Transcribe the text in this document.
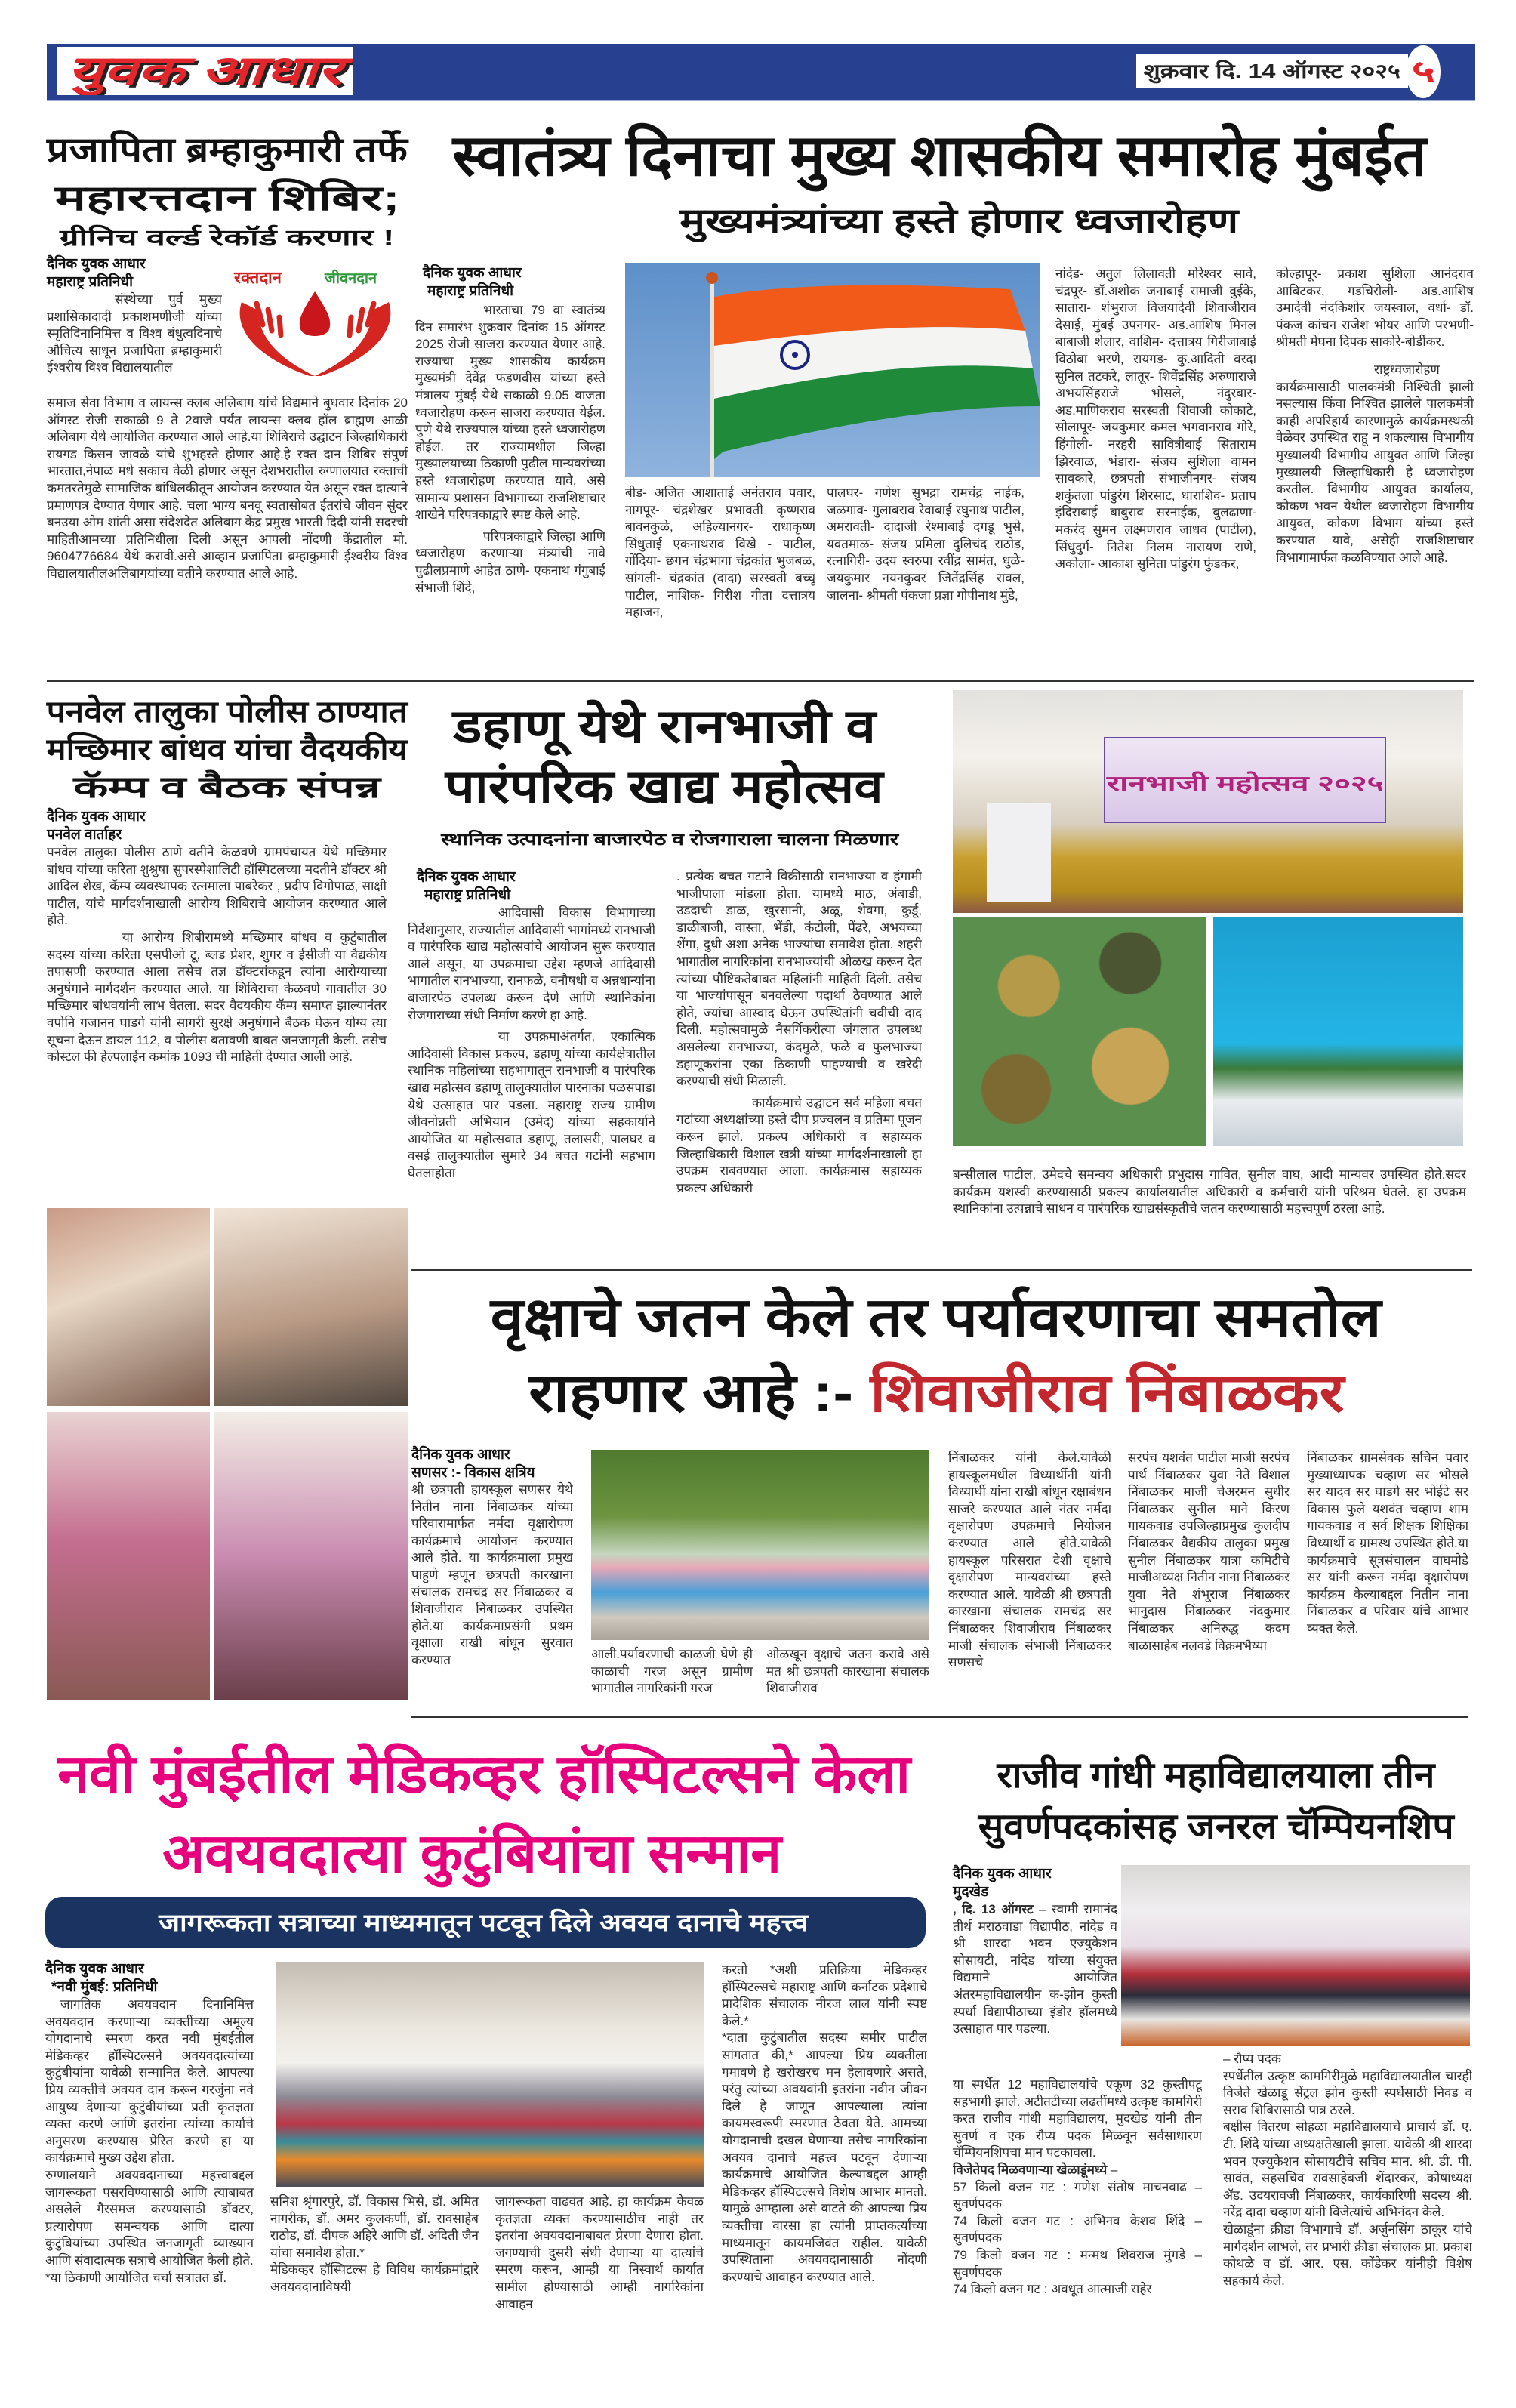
युवक आधार	शुक्रवार दि. 14 ऑगस्ट २०२५ ५
प्रजापिता ब्रम्हाकुमारी तर्फे
महारत्तदान शिबिर;
ग्रीनिच वर्ल्ड रेकॉर्ड करणार !
दैनिक युवक आधार
महाराष्ट्र प्रतिनिधी	रक्तदान	जीवनदान

संस्थेच्या पुर्व मुख्य प्रशासिकादादी प्रकाशमणीजी यांच्या स्मृतिदिनानिमित्त व विश्व बंधुत्वदिनाचे औचित्य साधून प्रजापिता ब्रम्हाकुमारी ईश्वरीय विश्व विद्यालयातील

समाज सेवा विभाग व लायन्स क्लब अलिबाग यांचे विद्यमाने बुधवार दिनांक 20 ऑगस्ट रोजी सकाळी 9 ते 2वाजे पर्यंत लायन्स क्लब हॉल ब्राह्मण आळी अलिबाग येथे आयोजित करण्यात आले आहे.या शिबिराचे उद्घाटन जिल्हाधिकारी रायगड किसन जावळे यांचे शुभहस्ते होणार आहे.हे रक्त दान शिबिर संपुर्ण भारतात,नेपाळ मधे सकाच वेळी होणार असून देशभरातील रुग्णालयात रक्ताची कमतरतेमुळे सामाजिक बांधिलकीतून आयोजन करण्यात येत असून रक्त दात्याने प्रमाणपत्र देण्यात येणार आहे. चला भाग्य बनवू स्वतासोबत ईतरांचे जीवन सुंदर बनउया ओम शांती असा संदेशदेत अलिबाग केंद्र प्रमुख भारती दिदी यांनी सदरची माहितीआमच्या प्रतिनिधीला दिली असून आपली नोंदणी केंद्रातील मो. 9604776684 येथे करावी.असे आव्हान प्रजापिता ब्रम्हाकुमारी ईश्वरीय विश्व विद्यालयातीलअलिबागयांच्या वतीने करण्यात आले आहे.

स्वातंत्र्य दिनाचा मुख्य शासकीय समारोह मुंबईत
मुख्यमंत्र्यांच्या हस्ते होणार ध्वजारोहण
दैनिक युवक आधार
महाराष्ट्र प्रतिनिधी

भारताचा 79 वा स्वातंत्र्य दिन समारंभ शुक्रवार दिनांक 15 ऑगस्ट 2025 रोजी साजरा करण्यात येणार आहे. राज्याचा मुख्य शासकीय कार्यक्रम मुख्यमंत्री देवेंद्र फडणवीस यांच्या हस्ते मंत्रालय मुंबई येथे सकाळी 9.05 वाजता ध्वजारोहण करून साजरा करण्यात येईल. पुणे येथे राज्यपाल यांच्या हस्ते ध्वजारोहण होईल. तर राज्यामधील जिल्हा मुख्यालयाच्या ठिकाणी पुढील मान्यवरांच्या हस्ते ध्वजारोहण करण्यात यावे, असे सामान्य प्रशासन विभागाच्या राजशिष्टाचार शाखेने परिपत्रकाद्वारे स्पष्ट केले आहे.

परिपत्रकाद्वारे जिल्हा आणि ध्वजारोहण करणाऱ्या मंत्र्यांची नावे पुढीलप्रमाणे आहेत ठाणे- एकनाथ गंगुबाई संभाजी शिंदे,

बीड- अजित आशाताई अनंतराव पवार, नागपूर- चंद्रशेखर प्रभावती कृष्णराव बावनकुळे, अहिल्यानगर- राधाकृष्ण सिंधुताई एकनाथराव विखे - पाटील, गोंदिया- छगन चंद्रभागा चंद्रकांत भुजबळ, सांगली- चंद्रकांत (दादा) सरस्वती बच्चू पाटील, नाशिक- गिरीश गीता दत्तात्रय महाजन,

पालघर- गणेश सुभद्रा रामचंद्र नाईक, जळगाव- गुलाबराव रेवाबाई रघुनाथ पाटील, अमरावती- दादाजी रेश्माबाई दगडू भुसे, यवतमाळ- संजय प्रमिला दुलिचंद राठोड, रत्नागिरी- उदय स्वरुपा रवींद्र सामंत, धुळे- जयकुमार नयनकुवर जितेंद्रसिंह रावल, जालना- श्रीमती पंकजा प्रज्ञा गोपीनाथ मुंडे,

नांदेड- अतुल लिलावती मोरेश्वर सावे, चंद्रपूर- डॉ.अशोक जनाबाई रामाजी वुईके, सातारा- शंभुराज विजयादेवी शिवाजीराव देसाई, मुंबई उपनगर- अड.आशिष मिनल बाबाजी शेलार, वाशिम- दत्तात्रय गिरीजाबाई विठोबा भरणे, रायगड- कु.आदिती वरदा सुनिल तटकरे, लातूर- शिवेंद्रसिंह अरुणाराजे अभयसिंहराजे भोसले, नंदुरबार- अड.माणिकराव सरस्वती शिवाजी कोकाटे, सोलापूर- जयकुमार कमल भगवानराव गोरे, हिंगोली- नरहरी सावित्रीबाई सिताराम झिरवाळ, भंडारा- संजय सुशिला वामन सावकारे, छत्रपती संभाजीनगर- संजय शकुंतला पांडुरंग शिरसाट, धाराशिव- प्रताप इंदिराबाई बाबुराव सरनाईक, बुलढाणा- मकरंद सुमन लक्ष्मणराव जाधव (पाटील), सिंधुदुर्ग- नितेश निलम नारायण राणे, अकोला- आकाश सुनिता पांडुरंग फुंडकर,

कोल्हापूर- प्रकाश सुशिला आनंदराव आबिटकर, गडचिरोली- अड.आशिष उमादेवी नंदकिशोर जयस्वाल, वर्धा- डॉ. पंकज कांचन राजेश भोयर आणि परभणी- श्रीमती मेघना दिपक साकोरे-बोर्डीकर.

राष्ट्रध्वजारोहण कार्यक्रमासाठी पालकमंत्री निश्चिती झाली नसल्यास किंवा निश्चित झालेले पालकमंत्री काही अपरिहार्य कारणामुळे कार्यक्रमस्थळी वेळेवर उपस्थित राहू न शकल्यास विभागीय मुख्यालयी विभागीय आयुक्त आणि जिल्हा मुख्यालयी जिल्हाधिकारी हे ध्वजारोहण करतील. विभागीय आयुक्त कार्यालय, कोकण भवन येथील ध्वजारोहण विभागीय आयुक्त, कोकण विभाग यांच्या हस्ते करण्यात यावे, असेही राजशिष्टाचार विभागामार्फत कळविण्यात आले आहे.

पनवेल तालुका पोलीस ठाण्यात
मच्छिमार बांधव यांचा वैदयकीय
कॅम्प व बैठक संपन्न
दैनिक युवक आधार
पनवेल वार्ताहर

पनवेल तालुका पोलीस ठाणे वतीने केळवणे ग्रामपंचायत येथे मच्छिमार बांधव यांच्या करिता शुश्रुषा सुपरस्पेशालिटी हॉस्पिटलच्या मदतीने डॉक्टर श्री आदिल शेख, कॅम्प व्यवस्थापक रत्नमाला पाबरेकर , प्रदीप विगोपाळ, साक्षी पाटील, यांचे मार्गदर्शनाखाली आरोग्य शिबिराचे आयोजन करण्यात आले होते.

या आरोग्य शिबीरामध्ये मच्छिमार बांधव व कुटुंबातील सदस्य यांच्या करिता एसपीओ टू, ब्लड प्रेशर, शुगर व ईसीजी या वैद्यकीय तपासणी करण्यात आला तसेच तज्ञ डॉक्टरांकडून त्यांना आरोग्याच्या अनुषंगाने मार्गदर्शन करण्यात आले. या शिबिराचा केळवणे गावातील 30 मच्छिमार बांधवयांनी लाभ घेतला. सदर वैदयकीय कॅम्प समाप्त झाल्यानंतर वपोनि गजानन घाडगे यांनी सागरी सुरक्षे अनुषंगाने बैठक घेऊन योग्य त्या सूचना देऊन डायल 112, व पोलीस बतावणी बाबत जनजागृती केली. तसेच कोस्टल फी हेल्पलाईन कमांक 1093 ची माहिती देण्यात आली आहे.

डहाणू येथे रानभाजी व
पारंपरिक खाद्य महोत्सव
स्थानिक उत्पादनांना बाजारपेठ व रोजगाराला चालना मिळणार
दैनिक युवक आधार
महाराष्ट्र प्रतिनिधी

आदिवासी विकास विभागाच्या निर्देशानुसार, राज्यातील आदिवासी भागांमध्ये रानभाजी व पारंपरिक खाद्य महोत्सवांचे आयोजन सुरू करण्यात आले असून, या उपक्रमाचा उद्देश म्हणजे आदिवासी भागातील रानभाज्या, रानफळे, वनौषधी व अन्नधान्यांना बाजारपेठ उपलब्ध करून देणे आणि स्थानिकांना रोजगाराच्या संधी निर्माण करणे हा आहे.

या उपक्रमाअंतर्गत, एकात्मिक आदिवासी विकास प्रकल्प, डहाणू यांच्या कार्यक्षेत्रातील स्थानिक महिलांच्या सहभागातून रानभाजी व पारंपरिक खाद्य महोत्सव डहाणू तालुक्यातील पारनाका पळसपाडा येथे उत्साहात पार पडला. महाराष्ट्र राज्य ग्रामीण जीवनोन्नती अभियान (उमेद) यांच्या सहकार्याने आयोजित या महोत्सवात डहाणू, तलासरी, पालघर व वसई तालुक्यातील सुमारे 34 बचत गटांनी सहभाग घेतलाहोता

. प्रत्येक बचत गटाने विक्रीसाठी रानभाज्या व हंगामी भाजीपाला मांडला होता. यामध्ये माठ, अंबाडी, उडदाची डाळ, खुरसानी, अळू, शेवगा, कुर्डू, डाळीबाजी, वास्ता, भेंडी, कंटोली, पेंढरे, अभयच्या शेंगा, दुधी अशा अनेक भाज्यांचा समावेश होता. शहरी भागातील नागरिकांना रानभाज्यांची ओळख करून देत त्यांच्या पौष्टिकतेबाबत महिलांनी माहिती दिली. तसेच या भाज्यांपासून बनवलेल्या पदार्था ठेवण्यात आले होते, ज्यांचा आस्वाद घेऊन उपस्थितांनी चवीची दाद दिली. महोत्सवामुळे नैसर्गिकरीत्या जंगलात उपलब्ध असलेल्या रानभाज्या, कंदमुळे, फळे व फुलभाज्या डहाणूकरांना एका ठिकाणी पाहण्याची व खरेदी करण्याची संधी मिळाली.

कार्यक्रमाचे उद्घाटन सर्व महिला बचत गटांच्या अध्यक्षांच्या हस्ते दीप प्रज्वलन व प्रतिमा पूजन करून झाले. प्रकल्प अधिकारी व सहाय्यक जिल्हाधिकारी विशाल खत्री यांच्या मार्गदर्शनाखाली हा उपक्रम राबवण्यात आला. कार्यक्रमास सहाय्यक प्रकल्प अधिकारी

रानभाजी महोत्सव २०२५

बन्सीलाल पाटील, उमेदचे समन्वय अधिकारी प्रभुदास गावित, सुनील वाघ, आदी मान्यवर उपस्थित होते.सदर कार्यक्रम यशस्वी करण्यासाठी प्रकल्प कार्यालयातील अधिकारी व कर्मचारी यांनी परिश्रम घेतले. हा उपक्रम स्थानिकांना उत्पन्नाचे साधन व पारंपरिक खाद्यसंस्कृतीचे जतन करण्यासाठी महत्त्वपूर्ण ठरला आहे.

वृक्षाचे जतन केले तर पर्यावरणाचा समतोल
राहणार आहे :- शिवाजीराव निंबाळकर
दैनिक युवक आधार
सणसर :- विकास क्षत्रिय

श्री छत्रपती हायस्कूल सणसर येथे नितीन नाना निंबाळकर यांच्या परिवारामार्फत नर्मदा वृक्षारोपण कार्यक्रमाचे आयोजन करण्यात आले होते. या कार्यक्रमाला प्रमुख पाहुणे म्हणून छत्रपती कारखाना संचालक रामचंद्र सर निंबाळकर व शिवाजीराव निंबाळकर उपस्थित होते.या कार्यक्रमाप्रसंगी प्रथम वृक्षाला राखी बांधून सुरवात करण्यात	आली.पर्यावरणाची काळजी घेणे ही काळाची गरज असून ग्रामीण भागातील नागरिकांनी गरज

ओळखून वृक्षाचे जतन करावे असे मत श्री छत्रपती कारखाना संचालक शिवाजीराव

निंबाळकर यांनी केले.यावेळी हायस्कूलमधील विध्यार्थीनी यांनी विध्यार्थी यांना राखी बांधून रक्षाबंधन साजरे करण्यात आले नंतर नर्मदा वृक्षारोपण उपक्रमाचे नियोजन करण्यात आले होते.यावेळी हायस्कूल परिसरात देशी वृक्षाचे वृक्षारोपण मान्यवरांच्या हस्ते करण्यात आले. यावेळी श्री छत्रपती कारखाना संचालक रामचंद्र सर निंबाळकर शिवाजीराव निंबाळकर माजी संचालक संभाजी निंबाळकर सणसचे

सरपंच यशवंत पाटील माजी सरपंच पार्थ निंबाळकर युवा नेते विशाल निंबाळकर माजी चेअरमन सुधीर निंबाळकर सुनील माने किरण गायकवाड उपजिल्हाप्रमुख कुलदीप निंबाळकर वैद्यकीय तालुका प्रमुख सुनील निंबाळकर यात्रा कमिटीचे माजीअध्यक्ष नितीन नाना निंबाळकर युवा नेते शंभूराज निंबाळकर भानुदास निंबाळकर नंदकुमार निंबाळकर अनिरुद्ध कदम बाळासाहेब नलवडे विक्रमभैय्या

निंबाळकर ग्रामसेवक सचिन पवार मुख्याध्यापक चव्हाण सर भोसले सर यादव सर घाडगे सर भोईटे सर विकास फुले यशवंत चव्हाण शाम गायकवाड व सर्व शिक्षक शिक्षिका विध्यार्थी व ग्रामस्थ उपस्थित होते.या कार्यक्रमाचे सूत्रसंचालन वाघमोडे सर यांनी करून नर्मदा वृक्षारोपण कार्यक्रम केल्याबद्दल नितीन नाना निंबाळकर व परिवार यांचे आभार व्यक्त केले.

नवी मुंबईतील मेडिकव्हर हॉस्पिटल्सने केला
अवयवदात्या कुटुंबियांचा सन्मान
जागरूकता सत्राच्या माध्यमातून पटवून दिले अवयव दानाचे महत्त्व
दैनिक युवक आधार
*नवी मुंबई: प्रतिनिधी

जागतिक अवयवदान दिनानिमित्त अवयवदान करणाऱ्या व्यक्तींच्या अमूल्य योगदानाचे स्मरण करत नवी मुंबईतील मेडिकव्हर हॉस्पिटल्सने अवयवदात्यांच्या कुटुंबीयांना यावेळी सन्मानित केले. आपल्या प्रिय व्यक्तीचे अवयव दान करून गरजुंना नवे आयुष्य देणाऱ्या कुटुंबीयांच्या प्रती कृतज्ञता व्यक्त करणे आणि इतरांना त्यांच्या कार्याचे अनुसरण करण्यास प्रेरित करणे हा या कार्यक्रमाचे मुख्य उद्देश होता.

रुग्णालयाने अवयवदानाच्या महत्त्वाबद्दल जागरूकता पसरविण्यासाठी आणि त्याबाबत असलेले गैरसमज करण्यासाठी डॉक्टर, प्रत्यारोपण समन्वयक आणि दात्या कुटुंबियांच्या उपस्थित जनजागृती व्याख्यान आणि संवादात्मक सत्राचे आयोजित केली होते.

*या ठिकाणी आयोजित चर्चा सत्रातत डॉ.

सनिश श्रृंगारपुरे, डॉ. विकास भिसे, डॉ. अमित नागरीक, डॉ. अमर कुलकर्णी, डॉ. रावसाहेब राठोड, डॉ. दीपक अहिरे आणि डॉ. अदिती जैन यांचा समावेश होता.*

मेडिकव्हर हॉस्पिटल्स हे विविध कार्यक्रमांद्वारे अवयवदानाविषयी

जागरूकता वाढवत आहे. हा कार्यक्रम केवळ कृतज्ञता व्यक्त करण्यासाठीच नाही तर इतरांना अवयवदानाबाबत प्रेरणा देणारा होता. जगण्याची दुसरी संधी देणाऱ्या या दात्यांचे स्मरण करून, आम्ही या निस्वार्थ कार्यात सामील होण्यासाठी आम्ही नागरिकांना आवाहन

करतो *अशी प्रतिक्रिया मेडिकव्हर हॉस्पिटल्सचे महाराष्ट्र आणि कर्नाटक प्रदेशाचे प्रादेशिक संचालक नीरज लाल यांनी स्पष्ट केले.*

*दाता कुटुंबातील सदस्य समीर पाटील सांगतात की,* आपल्या प्रिय व्यक्तीला गमावणे हे खरोखरच मन हेलावणारे असते, परंतु त्यांच्या अवयवांनी इतरांना नवीन जीवन दिले हे जाणून आपल्याला त्यांना कायमस्वरूपी स्मरणात ठेवता येते. आमच्या योगदानाची दखल घेणाऱ्या तसेच नागरिकांना अवयव दानाचे महत्त्व पटवून देणाऱ्या कार्यक्रमाचे आयोजित केल्याबद्दल आम्ही मेडिकव्हर हॉस्पिटल्सचे विशेष आभार मानतो. यामुळे आम्हाला असे वाटते की आपल्या प्रिय व्यक्तीचा वारसा हा त्यांनी प्राप्तकर्त्यांच्या माध्यमातून कायमजिवंत राहील. यावेळी उपस्थिताना अवयवदानासाठी नोंदणी करण्याचे आवाहन करण्यात आले.

राजीव गांधी महाविद्यालयाला तीन
सुवर्णपदकांसह जनरल चॅम्पियनशिप
दैनिक युवक आधार
मुदखेड

, दि. 13 ऑगस्ट – स्वामी रामानंद तीर्थ मराठवाडा विद्यापीठ, नांदेड व श्री शारदा भवन एज्युकेशन सोसायटी, नांदेड यांच्या संयुक्त विद्यमाने आयोजित अंतरमहाविद्यालयीन क-झोन कुस्ती स्पर्धा विद्यापीठाच्या इंडोर हॉलमध्ये उत्साहात पार पडल्या.

या स्पर्धेत 12 महाविद्यालयांचे एकूण 32 कुस्तीपटू सहभागी झाले. अटीतटीच्या लढतींमध्ये उत्कृष्ट कामगिरी करत राजीव गांधी महाविद्यालय, मुदखेड यांनी तीन सुवर्ण व एक रौप्य पदक मिळवून सर्वसाधारण चॅम्पियनशिपचा मान पटकावला.

विजेतेपद मिळवणाऱ्या खेळाडूंमध्ये –

57 किलो वजन गट : गणेश संतोष माचनवाढ – सुवर्णपदक

74 किलो वजन गट : अभिनव केशव शिंदे – सुवर्णपदक

79 किलो वजन गट : मन्मथ शिवराज मुंगडे – सुवर्णपदक

74 किलो वजन गट : अवधूत आत्माजी राहेर

– रौप्य पदक

स्पर्धेतील उत्कृष्ट कामगिरीमुळे महाविद्यालयातील चारही विजेते खेळाडू सेंट्रल झोन कुस्ती स्पर्धेसाठी निवड व सराव शिबिरासाठी पात्र ठरले.

बक्षीस वितरण सोहळा महाविद्यालयाचे प्राचार्य डॉ. ए. टी. शिंदे यांच्या अध्यक्षतेखाली झाला. यावेळी श्री शारदा भवन एज्युकेशन सोसायटीचे सचिव मान. श्री. डी. पी. सावंत, सहसचिव रावसाहेबजी शेंदारकर, कोषाध्यक्ष ॲड. उदयरावजी निंबाळकर, कार्यकारिणी सदस्य श्री. नरेंद्र दादा चव्हाण यांनी विजेत्यांचे अभिनंदन केले.

खेळाडूंना क्रीडा विभागाचे डॉ. अर्जुनसिंग ठाकूर यांचे मार्गदर्शन लाभले, तर प्रभारी क्रीडा संचालक प्रा. प्रकाश कोथळे व डॉ. आर. एस. कोंडेकर यांनीही विशेष सहकार्य केले.
